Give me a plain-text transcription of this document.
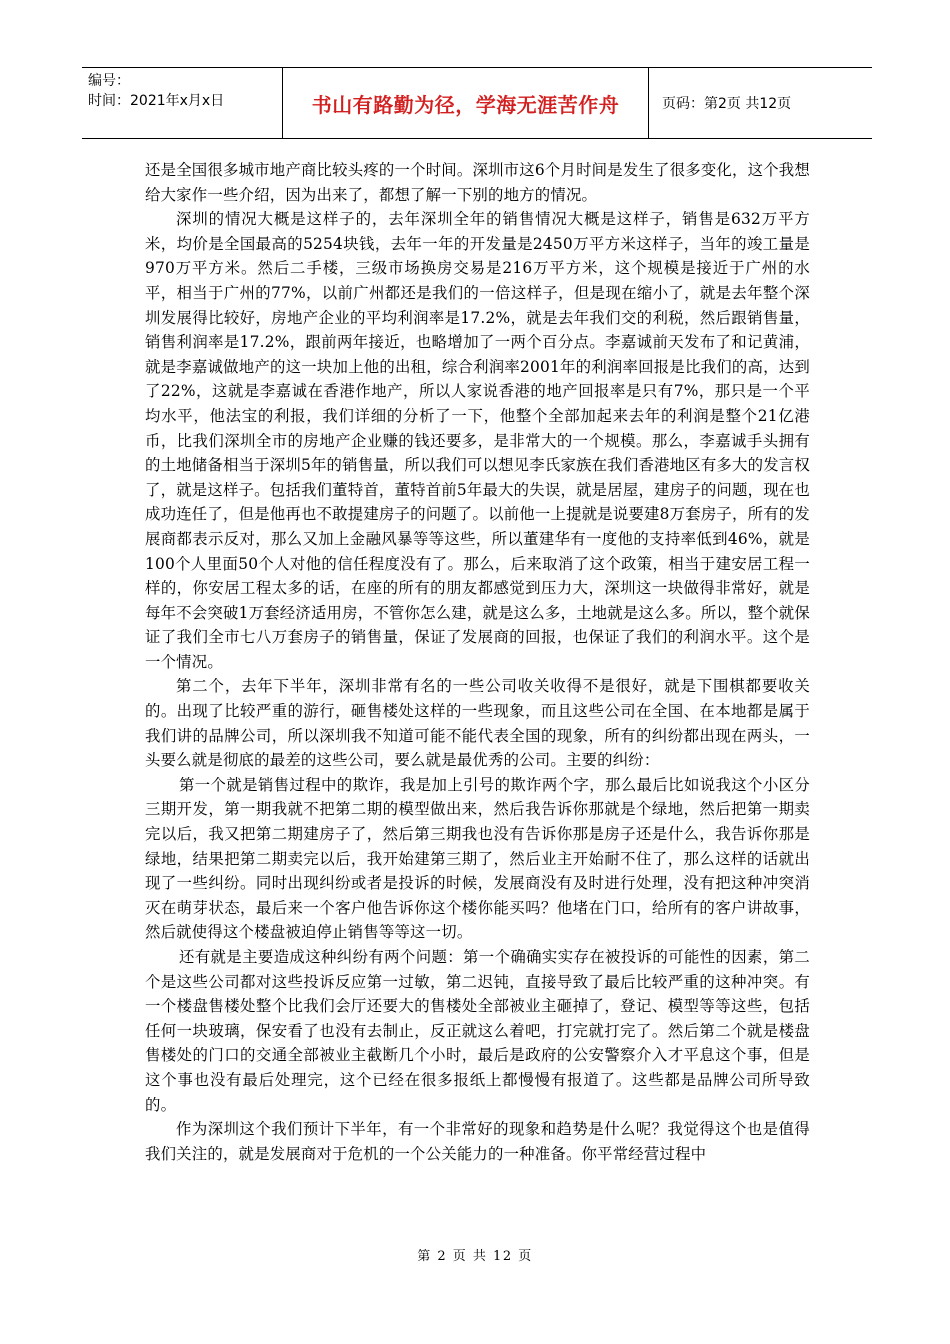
编号：
时间：2021年x月x日	书山有路勤为径，学海无涯苦作舟	页码：第2页 共12页

还是全国很多城市地产商比较头疼的一个时间。深圳市这6个月时间是发生了很多变化，这个我想给大家作一些介绍，因为出来了，都想了解一下别的地方的情况。

深圳的情况大概是这样子的，去年深圳全年的销售情况大概是这样子，销售是632万平方米，均价是全国最高的5254块钱，去年一年的开发量是2450万平方米这样子，当年的竣工量是970万平方米。然后二手楼，三级市场换房交易是216万平方米，这个规模是接近于广州的水平，相当于广州的77%，以前广州都还是我们的一倍这样子，但是现在缩小了，就是去年整个深圳发展得比较好，房地产企业的平均利润率是17.2%，就是去年我们交的利税，然后跟销售量，销售利润率是17.2%，跟前两年接近，也略增加了一两个百分点。李嘉诚前天发布了和记黄浦，就是李嘉诚做地产的这一块加上他的出租，综合利润率2001年的利润率回报是比我们的高，达到了22%，这就是李嘉诚在香港作地产，所以人家说香港的地产回报率是只有7%，那只是一个平均水平，他法宝的利报，我们详细的分析了一下，他整个全部加起来去年的利润是整个21亿港币，比我们深圳全市的房地产企业赚的钱还要多，是非常大的一个规模。那么，李嘉诚手头拥有的土地储备相当于深圳5年的销售量，所以我们可以想见李氏家族在我们香港地区有多大的发言权了，就是这样子。包括我们董特首，董特首前5年最大的失误，就是居屋，建房子的问题，现在也成功连任了，但是他再也不敢提建房子的问题了。以前他一上提就是说要建8万套房子，所有的发展商都表示反对，那么又加上金融风暴等等这些，所以董建华有一度他的支持率低到46%，就是100个人里面50个人对他的信任程度没有了。那么，后来取消了这个政策，相当于建安居工程一样的，你安居工程太多的话，在座的所有的朋友都感觉到压力大，深圳这一块做得非常好，就是每年不会突破1万套经济适用房，不管你怎么建，就是这么多，土地就是这么多。所以，整个就保证了我们全市七八万套房子的销售量，保证了发展商的回报，也保证了我们的利润水平。这个是一个情况。

第二个，去年下半年，深圳非常有名的一些公司收关收得不是很好，就是下围棋都要收关的。出现了比较严重的游行，砸售楼处这样的一些现象，而且这些公司在全国、在本地都是属于我们讲的品牌公司，所以深圳我不知道可能不能代表全国的现象，所有的纠纷都出现在两头，一头要么就是彻底的最差的这些公司，要么就是最优秀的公司。主要的纠纷：

第一个就是销售过程中的欺诈，我是加上引号的欺诈两个字，那么最后比如说我这个小区分三期开发，第一期我就不把第二期的模型做出来，然后我告诉你那就是个绿地，然后把第一期卖完以后，我又把第二期建房子了，然后第三期我也没有告诉你那是房子还是什么，我告诉你那是绿地，结果把第二期卖完以后，我开始建第三期了，然后业主开始耐不住了，那么这样的话就出现了一些纠纷。同时出现纠纷或者是投诉的时候，发展商没有及时进行处理，没有把这种冲突消灭在萌芽状态，最后来一个客户他告诉你这个楼你能买吗？他堵在门口，给所有的客户讲故事，然后就使得这个楼盘被迫停止销售等等这一切。

还有就是主要造成这种纠纷有两个问题：第一个确确实实存在被投诉的可能性的因素，第二个是这些公司都对这些投诉反应第一过敏，第二迟钝，直接导致了最后比较严重的这种冲突。有一个楼盘售楼处整个比我们会厅还要大的售楼处全部被业主砸掉了，登记、模型等等这些，包括任何一块玻璃，保安看了也没有去制止，反正就这么着吧，打完就打完了。然后第二个就是楼盘售楼处的门口的交通全部被业主截断几个小时，最后是政府的公安警察介入才平息这个事，但是这个事也没有最后处理完，这个已经在很多报纸上都慢慢有报道了。这些都是品牌公司所导致的。

作为深圳这个我们预计下半年，有一个非常好的现象和趋势是什么呢？我觉得这个也是值得我们关注的，就是发展商对于危机的一个公关能力的一种准备。你平常经营过程中

第 2 页 共 12 页
